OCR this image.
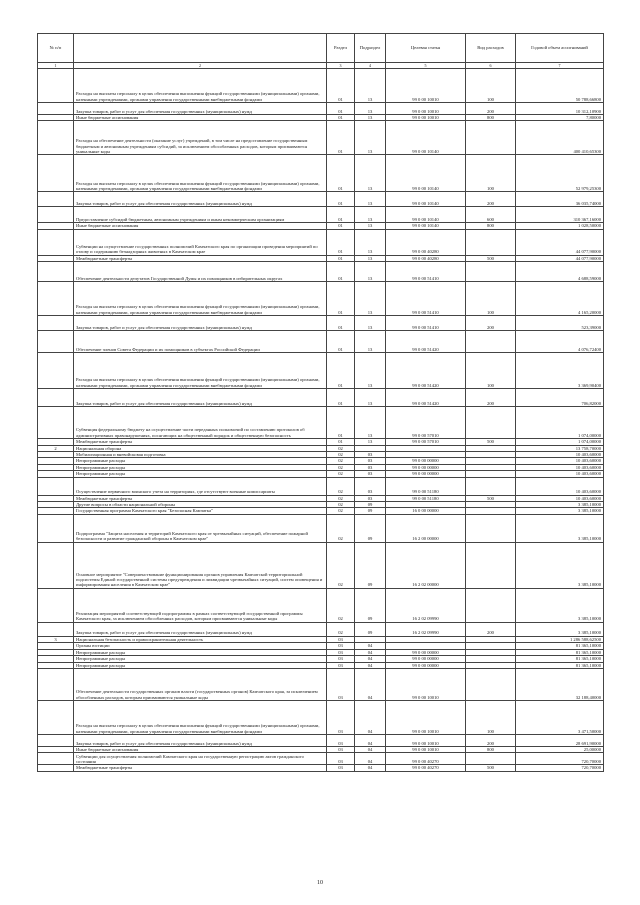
№ п/п		Раздел	Подраздел	Целевая статья	Вид расходов	Годовой объем ассигнований
1	2	3	4	5	6	7
	Расходы на выплаты персоналу в целях обеспечения выполнения функций государственными (муниципальными) органами, казенными учреждениями, органами управления государственными внебюджетными фондами	01	13	99 0 00 10010	100	50 788,66800
	Закупка товаров, работ и услуг для обеспечения государственных (муниципальных) нужд	01	13	99 0 00 10010	200	10 312,10900
	Иные бюджетные ассигнования	01	13	99 0 00 10010	800	7,80000
	Расходы на обеспечение деятельности (оказание услуг) учреждений, в том числе на предоставление государственным бюджетным и автономным учреждениям субсидий, за исключением обособленных расходов, которым присваиваются уникальные коды	01	13	99 0 00 10140		400 410,65300
	Расходы на выплаты персоналу в целях обеспечения выполнения функций государственными (муниципальными) органами, казенными учреждениями, органами управления государственными внебюджетными фондами	01	13	99 0 00 10140	100	52 979,25300
	Закупка товаров, работ и услуг для обеспечения государственных (муниципальных) нужд	01	13	99 0 00 10140	200	36 035,74000
	Предоставление субсидий бюджетным, автономным учреждениям и иным некоммерческим организациям	01	13	99 0 00 10140	600	310 367,16000
	Иные бюджетные ассигнования	01	13	99 0 00 10140	800	1 028,50000
	Субвенции на осуществление государственных полномочий Камчатского края по организации проведения мероприятий по отлову и содержанию безнадзорных животных в Камчатском крае	01	13	99 0 00 40280		44 077,90000
	Межбюджетные трансферты	01	13	99 0 00 40280	500	44 077,90000
	Обеспечение деятельности депутатов Государственной Думы и их помощников в избирательных округах	01	13	99 0 00 51410		4 688,59000
	Расходы на выплаты персоналу в целях обеспечения выполнения функций государственными (муниципальными) органами, казенными учреждениями, органами управления государственными внебюджетными фондами	01	13	99 0 00 51410	100	4 165,20000
	Закупка товаров, работ и услуг для обеспечения государственных (муниципальных) нужд	01	13	99 0 00 51410	200	523,39000
	Обеспечение членов Совета Федерации и их помощников в субъектах Российской Федерации	01	13	99 0 00 51420		4 076,72400
	Расходы на выплаты персоналу в целях обеспечения выполнения функций государственными (муниципальными) органами, казенными учреждениями, органами управления государственными внебюджетными фондами	01	13	99 0 00 51420	100	3 369,90400
	Закупка товаров, работ и услуг для обеспечения государственных (муниципальных) нужд	01	13	99 0 00 51420	200	706,82000
	Субвенция федеральному бюджету на осуществление части переданных полномочий по составлению протоколов об административных правонарушениях, посягающих на общественный порядок и общественную безопасность	01	13	99 0 00 57010		1 074,00000
	Межбюджетные трансферты	01	13	99 0 00 57010	500	1 074,00000
2	Национальная оборона	02				13 758,70000
	Мобилизационная и вневойсковая подготовка	02	03			10 403,60000
	Непрограммные расходы	02	03	99 0 00 00000		10 403,60000
	Непрограммные расходы	02	03	99 0 00 00000		10 403,60000
	Непрограммные расходы	02	03	99 0 00 00000		10 403,60000
	Осуществление первичного воинского учета на территориях, где отсутствуют военные комиссариаты	02	03	99 0 00 51180		10 403,60000
	Межбюджетные трансферты	02	03	99 0 00 51180	500	10 403,60000
	Другие вопросы в области национальной обороны	02	09			3 385,10000
	Государственная программа Камчатского края "Безопасная Камчатка"	02	09	16 0 00 00000		3 385,10000
	Подпрограмма "Защита населения и территорий Камчатского края от чрезвычайных ситуаций, обеспечение пожарной безопасности и развитие гражданской обороны в Камчатском крае"	02	09	16 2 00 00000		3 385,10000
	Основное мероприятие "Совершенствование функционирования органов управления Камчатской территориальной подсистемы Единой государственной системы предупреждения и ликвидации чрезвычайных ситуаций, систем оповещения и информирования населения в Камчатском крае"	02	09	16 2 02 00000		3 385,10000
	Реализация мероприятий соответствующей подпрограммы в рамках соответствующей государственной программы Камчатского края, за исключением обособленных расходов, которым присваиваются уникальные коды	02	09	16 2 02 09990		3 385,10000
	Закупка товаров, работ и услуг для обеспечения государственных (муниципальных) нужд	02	09	16 2 02 09990	200	3 385,10000
3	Национальная безопасность и правоохранительная деятельность	03				1 286 588,62500
	Органы юстиции	03	04			81 365,10000
	Непрограммные расходы	03	04	99 0 00 00000		81 365,10000
	Непрограммные расходы	03	04	99 0 00 00000		81 365,10000
	Непрограммные расходы	03	04	99 0 00 00000		81 365,10000
	Обеспечение деятельности государственных органов власти (государственных органов) Камчатского края, за исключением обособленных расходов, которым присваиваются уникальные коды	03	04	99 0 00 10010		32 188,40000
	Расходы на выплаты персоналу в целях обеспечения выполнения функций государственными (муниципальными) органами, казенными учреждениями, органами управления государственными внебюджетными фондами	03	04	99 0 00 10010	100	3 471,50000
	Закупка товаров, работ и услуг для обеспечения государственных (муниципальных) нужд	03	04	99 0 00 10010	200	28 691,90000
	Иные бюджетные ассигнования	03	04	99 0 00 10010	800	25,00000
	Субвенции для осуществления полномочий Камчатского края на государственную регистрацию актов гражданского состояния	03	04	99 0 00 40270		720,70000
	Межбюджетные трансферты	03	04	99 0 00 40270	500	720,70000
10
